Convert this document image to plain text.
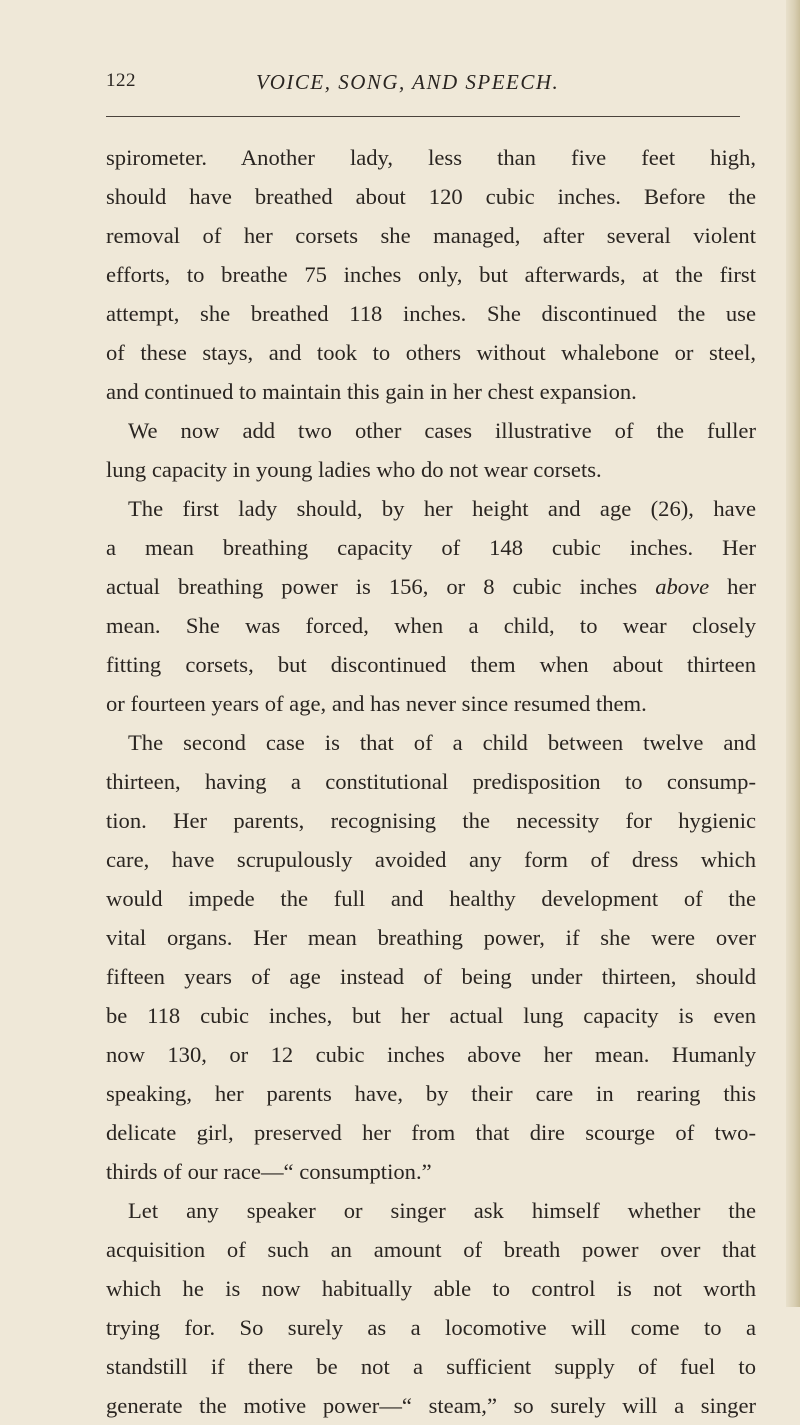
122	VOICE, SONG, AND SPEECH.
spirometer. Another lady, less than five feet high,
should have breathed about 120 cubic inches. Before the
removal of her corsets she managed, after several violent
efforts, to breathe 75 inches only, but afterwards, at the first
attempt, she breathed 118 inches. She discontinued the use
of these stays, and took to others without whalebone or steel,
and continued to maintain this gain in her chest expansion.
We now add two other cases illustrative of the fuller
lung capacity in young ladies who do not wear corsets.
The first lady should, by her height and age (26), have
a mean breathing capacity of 148 cubic inches. Her
actual breathing power is 156, or 8 cubic inches above her
mean. She was forced, when a child, to wear closely
fitting corsets, but discontinued them when about thirteen
or fourteen years of age, and has never since resumed them.
The second case is that of a child between twelve and
thirteen, having a constitutional predisposition to consump-
tion. Her parents, recognising the necessity for hygienic
care, have scrupulously avoided any form of dress which
would impede the full and healthy development of the
vital organs. Her mean breathing power, if she were over
fifteen years of age instead of being under thirteen, should
be 118 cubic inches, but her actual lung capacity is even
now 130, or 12 cubic inches above her mean. Humanly
speaking, her parents have, by their care in rearing this
delicate girl, preserved her from that dire scourge of two-
thirds of our race—“ consumption.”
Let any speaker or singer ask himself whether the
acquisition of such an amount of breath power over that
which he is now habitually able to control is not worth
trying for. So surely as a locomotive will come to a
standstill if there be not a sufficient supply of fuel to
generate the motive power—“ steam,” so surely will a singer
